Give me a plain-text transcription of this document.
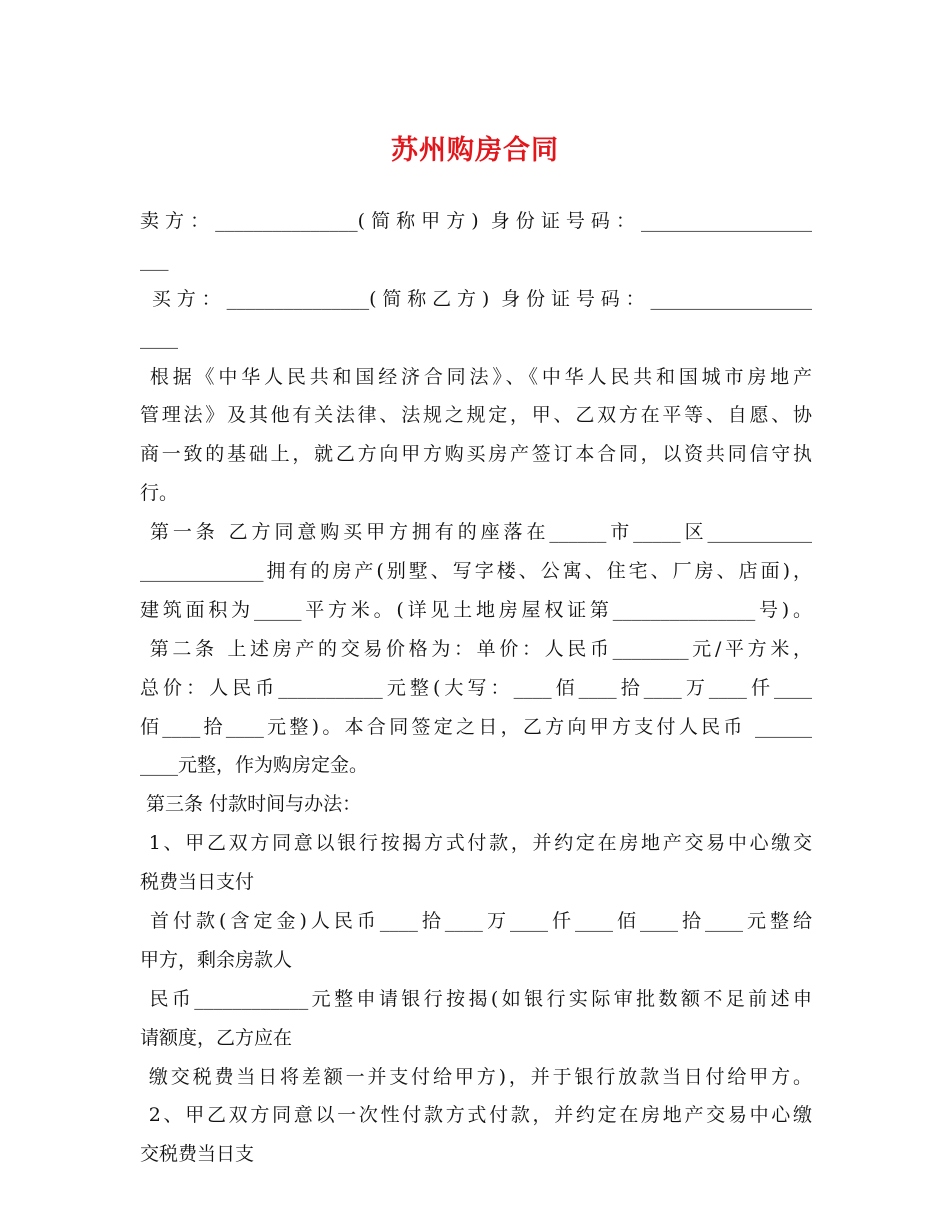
苏州购房合同
卖方：_______________(简称甲方) 身份证号码：__________________
___
买方：_______________(简称乙方) 身份证号码：_________________
____
根据《中华人民共和国经济合同法》、《中华人民共和国城市房地产
管理法》及其他有关法律、法规之规定，甲、乙双方在平等、自愿、协
商一致的基础上，就乙方向甲方购买房产签订本合同，以资共同信守执
行。
第一条 乙方同意购买甲方拥有的座落在______市_____区___________
_____________拥有的房产(别墅、写字楼、公寓、住宅、厂房、店面)，
建筑面积为_____平方米。(详见土地房屋权证第_______________号)。
第二条 上述房产的交易价格为：单价：人民币________元/平方米，
总价：人民币___________元整(大写：____佰____拾____万____仟____
佰____拾____元整)。本合同签定之日，乙方向甲方支付人民币 ______
____元整，作为购房定金。
第三条 付款时间与办法：
1、甲乙双方同意以银行按揭方式付款，并约定在房地产交易中心缴交
税费当日支付
首付款(含定金)人民币____拾____万____仟____佰____拾____元整给
甲方，剩余房款人
民币____________元整申请银行按揭(如银行实际审批数额不足前述申
请额度，乙方应在
缴交税费当日将差额一并支付给甲方)，并于银行放款当日付给甲方。
2、甲乙双方同意以一次性付款方式付款，并约定在房地产交易中心缴
交税费当日支
